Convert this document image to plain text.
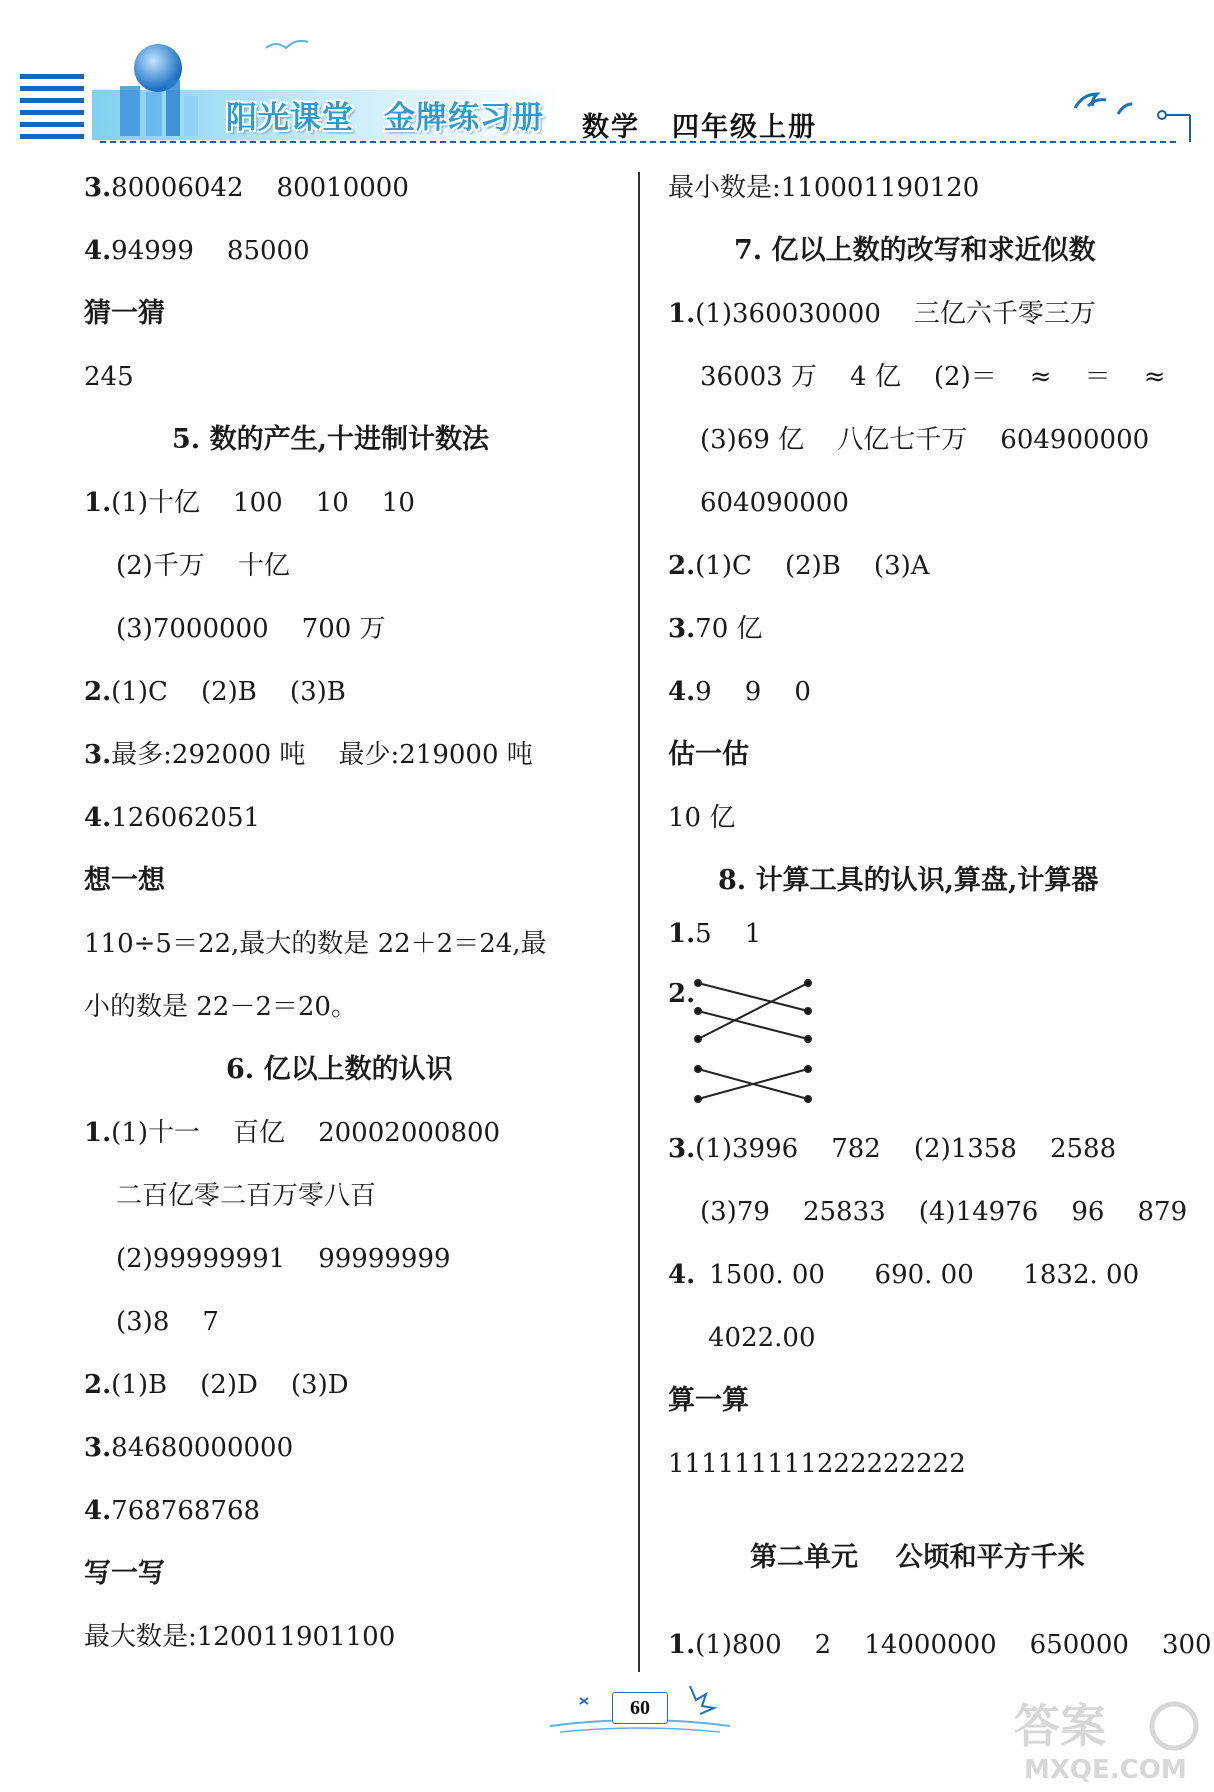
阳光课堂 金牌练习册 数学 四年级上册
3.80006042    80010000
4.94999    85000
猜一猜
245
5. 数的产生,十进制计数法
1.(1)十亿    100    10    10
(2)千万    十亿
(3)7000000    700 万
2.(1)C    (2)B    (3)B
3.最多:292000 吨    最少:219000 吨
4.126062051
想一想
110÷5＝22,最大的数是 22＋2＝24,最
小的数是 22－2＝20。
6. 亿以上数的认识
1.(1)十一    百亿    20002000800
二百亿零二百万零八百
(2)99999991    99999999
(3)8    7
2.(1)B    (2)D    (3)D
3.84680000000
4.768768768
写一写
最大数是:120011901100
最小数是:110001190120
7. 亿以上数的改写和求近似数
1.(1)360030000    三亿六千零三万
36003 万    4 亿    (2)＝    ≈    ＝    ≈
(3)69 亿    八亿七千万    604900000
604090000
2.(1)C    (2)B    (3)A
3.70 亿
4.9    9    0
估一估
10 亿
8. 计算工具的认识,算盘,计算器
1.5    1
2.
3.(1)3996    782    (2)1358    2588
(3)79    25833    (4)14976    96    879
4. 1500. 00      690. 00      1832. 00
4022.00
算一算
111111111222222222
第二单元    公顷和平方千米
1.(1)800    2    14000000    650000    300
60	答案
MXQE.COM
